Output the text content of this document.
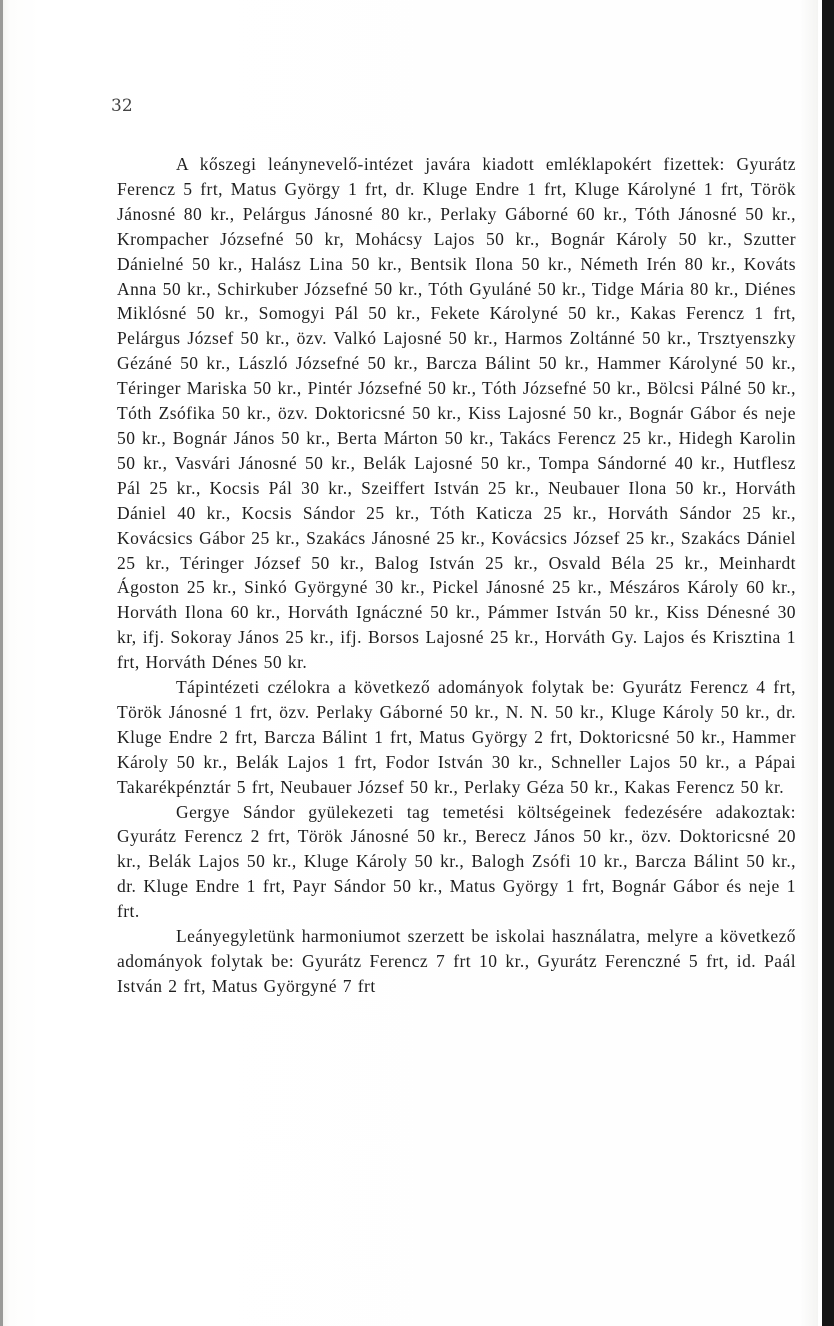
32

A kőszegi leánynevelő-intézet javára kiadott emléklapokért fizettek: Gyurátz Ferencz 5 frt, Matus György 1 frt, dr. Kluge Endre 1 frt, Kluge Károlyné 1 frt, Török Jánosné 80 kr., Pelárgus Jánosné 80 kr., Perlaky Gáborné 60 kr., Tóth Jánosné 50 kr., Krompacher Józsefné 50 kr, Mohácsy Lajos 50 kr., Bognár Károly 50 kr., Szutter Dánielné 50 kr., Halász Lina 50 kr., Bentsik Ilona 50 kr., Németh Irén 80 kr., Kováts Anna 50 kr., Schirkuber Józsefné 50 kr., Tóth Gyuláné 50 kr., Tidge Mária 80 kr., Diénes Miklósné 50 kr., Somogyi Pál 50 kr., Fekete Károlyné 50 kr., Kakas Ferencz 1 frt, Pelárgus József 50 kr., özv. Valkó Lajosné 50 kr., Harmos Zoltánné 50 kr., Trsztyenszky Gézáné 50 kr., László Józsefné 50 kr., Barcza Bálint 50 kr., Hammer Károlyné 50 kr., Téringer Mariska 50 kr., Pintér Józsefné 50 kr., Tóth Józsefné 50 kr., Bölcsi Pálné 50 kr., Tóth Zsófika 50 kr., özv. Doktoricsné 50 kr., Kiss Lajosné 50 kr., Bognár Gábor és neje 50 kr., Bognár János 50 kr., Berta Márton 50 kr., Takács Ferencz 25 kr., Hidegh Karolin 50 kr., Vasvári Jánosné 50 kr., Belák Lajosné 50 kr., Tompa Sándorné 40 kr., Hutflesz Pál 25 kr., Kocsis Pál 30 kr., Szeiffert István 25 kr., Neubauer Ilona 50 kr., Horváth Dániel 40 kr., Kocsis Sándor 25 kr., Tóth Katicza 25 kr., Horváth Sándor 25 kr., Kovácsics Gábor 25 kr., Szakács Jánosné 25 kr., Kovácsics József 25 kr., Szakács Dániel 25 kr., Téringer József 50 kr., Balog István 25 kr., Osvald Béla 25 kr., Meinhardt Ágoston 25 kr., Sinkó Györgyné 30 kr., Pickel Jánosné 25 kr., Mészáros Károly 60 kr., Horváth Ilona 60 kr., Horváth Ignáczné 50 kr., Pámmer István 50 kr., Kiss Dénesné 30 kr, ifj. Sokoray János 25 kr., ifj. Borsos Lajosné 25 kr., Horváth Gy. Lajos és Krisztina 1 frt, Horváth Dénes 50 kr.

Tápintézeti czélokra a következő adományok folytak be: Gyurátz Ferencz 4 frt, Török Jánosné 1 frt, özv. Perlaky Gáborné 50 kr., N. N. 50 kr., Kluge Károly 50 kr., dr. Kluge Endre 2 frt, Barcza Bálint 1 frt, Matus György 2 frt, Doktoricsné 50 kr., Hammer Károly 50 kr., Belák Lajos 1 frt, Fodor István 30 kr., Schneller Lajos 50 kr., a Pápai Takarékpénztár 5 frt, Neubauer József 50 kr., Perlaky Géza 50 kr., Kakas Ferencz 50 kr.

Gergye Sándor gyülekezeti tag temetési költségeinek fedezésére adakoztak: Gyurátz Ferencz 2 frt, Török Jánosné 50 kr., Berecz János 50 kr., özv. Doktoricsné 20 kr., Belák Lajos 50 kr., Kluge Károly 50 kr., Balogh Zsófi 10 kr., Barcza Bálint 50 kr., dr. Kluge Endre 1 frt, Payr Sándor 50 kr., Matus György 1 frt, Bognár Gábor és neje 1 frt.

Leányegyletünk harmoniumot szerzett be iskolai használatra, melyre a következő adományok folytak be: Gyurátz Ferencz 7 frt 10 kr., Gyurátz Ferenczné 5 frt, id. Paál István 2 frt, Matus Györgyné 7 frt
